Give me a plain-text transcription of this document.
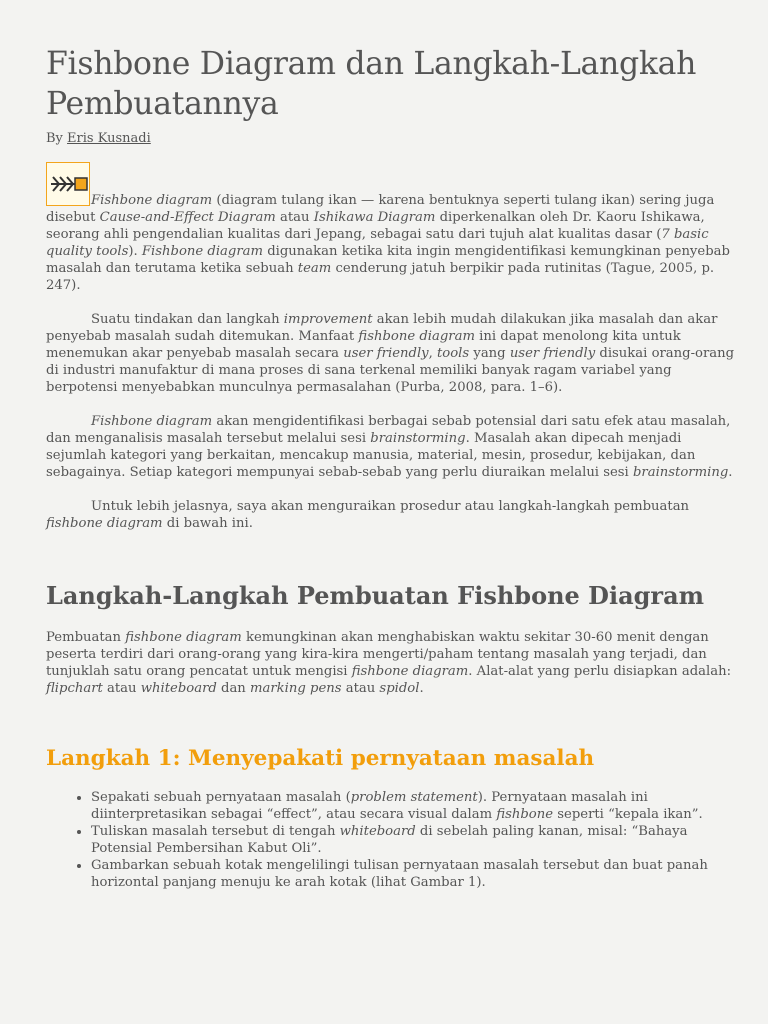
Fishbone Diagram dan Langkah-Langkah Pembuatannya
By Eris Kusnadi

Fishbone diagram (diagram tulang ikan — karena bentuknya seperti tulang ikan) sering juga disebut Cause-and-Effect Diagram atau Ishikawa Diagram diperkenalkan oleh Dr. Kaoru Ishikawa, seorang ahli pengendalian kualitas dari Jepang, sebagai satu dari tujuh alat kualitas dasar (7 basic quality tools). Fishbone diagram digunakan ketika kita ingin mengidentifikasi kemungkinan penyebab masalah dan terutama ketika sebuah team cenderung jatuh berpikir pada rutinitas (Tague, 2005, p. 247).

Suatu tindakan dan langkah improvement akan lebih mudah dilakukan jika masalah dan akar penyebab masalah sudah ditemukan. Manfaat fishbone diagram ini dapat menolong kita untuk menemukan akar penyebab masalah secara user friendly, tools yang user friendly disukai orang-orang di industri manufaktur di mana proses di sana terkenal memiliki banyak ragam variabel yang berpotensi menyebabkan munculnya permasalahan (Purba, 2008, para. 1–6).

Fishbone diagram akan mengidentifikasi berbagai sebab potensial dari satu efek atau masalah, dan menganalisis masalah tersebut melalui sesi brainstorming. Masalah akan dipecah menjadi sejumlah kategori yang berkaitan, mencakup manusia, material, mesin, prosedur, kebijakan, dan sebagainya. Setiap kategori mempunyai sebab-sebab yang perlu diuraikan melalui sesi brainstorming.

Untuk lebih jelasnya, saya akan menguraikan prosedur atau langkah-langkah pembuatan fishbone diagram di bawah ini.

Langkah-Langkah Pembuatan Fishbone Diagram

Pembuatan fishbone diagram kemungkinan akan menghabiskan waktu sekitar 30-60 menit dengan peserta terdiri dari orang-orang yang kira-kira mengerti/paham tentang masalah yang terjadi, dan tunjuklah satu orang pencatat untuk mengisi fishbone diagram. Alat-alat yang perlu disiapkan adalah: flipchart atau whiteboard dan marking pens atau spidol.

Langkah 1: Menyepakati pernyataan masalah
• Sepakati sebuah pernyataan masalah (problem statement). Pernyataan masalah ini diinterpretasikan sebagai “effect”, atau secara visual dalam fishbone seperti “kepala ikan”.
• Tuliskan masalah tersebut di tengah whiteboard di sebelah paling kanan, misal: “Bahaya Potensial Pembersihan Kabut Oli”.
• Gambarkan sebuah kotak mengelilingi tulisan pernyataan masalah tersebut dan buat panah horizontal panjang menuju ke arah kotak (lihat Gambar 1).
